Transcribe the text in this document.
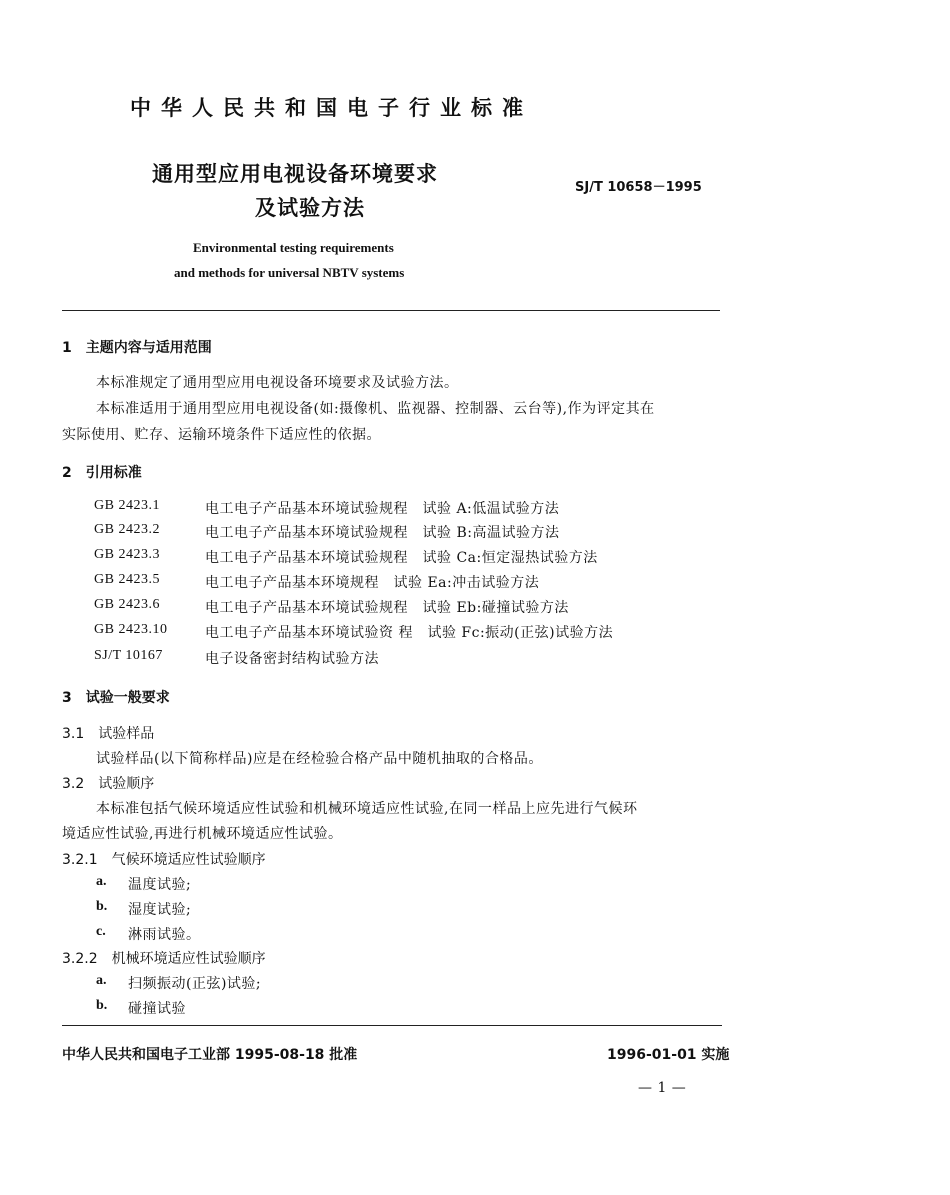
中华人民共和国电子行业标准
通用型应用电视设备环境要求
及试验方法
SJ/T 10658－1995
Environmental testing requirements
and methods for universal NBTV systems
1　主题内容与适用范围
本标准规定了通用型应用电视设备环境要求及试验方法。
本标准适用于通用型应用电视设备(如:摄像机、监视器、控制器、云台等),作为评定其在
实际使用、贮存、运输环境条件下适应性的依据。
2　引用标准
GB 2423.1	电工电子产品基本环境试验规程　试验 A:低温试验方法
GB 2423.2	电工电子产品基本环境试验规程　试验 B:高温试验方法
GB 2423.3	电工电子产品基本环境试验规程　试验 Ca:恒定湿热试验方法
GB 2423.5	电工电子产品基本环境规程　试验 Ea:冲击试验方法
GB 2423.6	电工电子产品基本环境试验规程　试验 Eb:碰撞试验方法
GB 2423.10	电工电子产品基本环境试验资 程　试验 Fc:振动(正弦)试验方法
SJ/T 10167	电子设备密封结构试验方法
3　试验一般要求
3.1　试验样品
试验样品(以下简称样品)应是在经检验合格产品中随机抽取的合格品。
3.2　试验顺序
本标准包括气候环境适应性试验和机械环境适应性试验,在同一样品上应先进行气候环
境适应性试验,再进行机械环境适应性试验。
3.2.1　气候环境适应性试验顺序
a. 温度试验;
b. 湿度试验;
c. 淋雨试验。
3.2.2　机械环境适应性试验顺序
a. 扫频振动(正弦)试验;
b. 碰撞试验
中华人民共和国电子工业部 1995-08-18 批准	1996-01-01 实施
— 1 —
